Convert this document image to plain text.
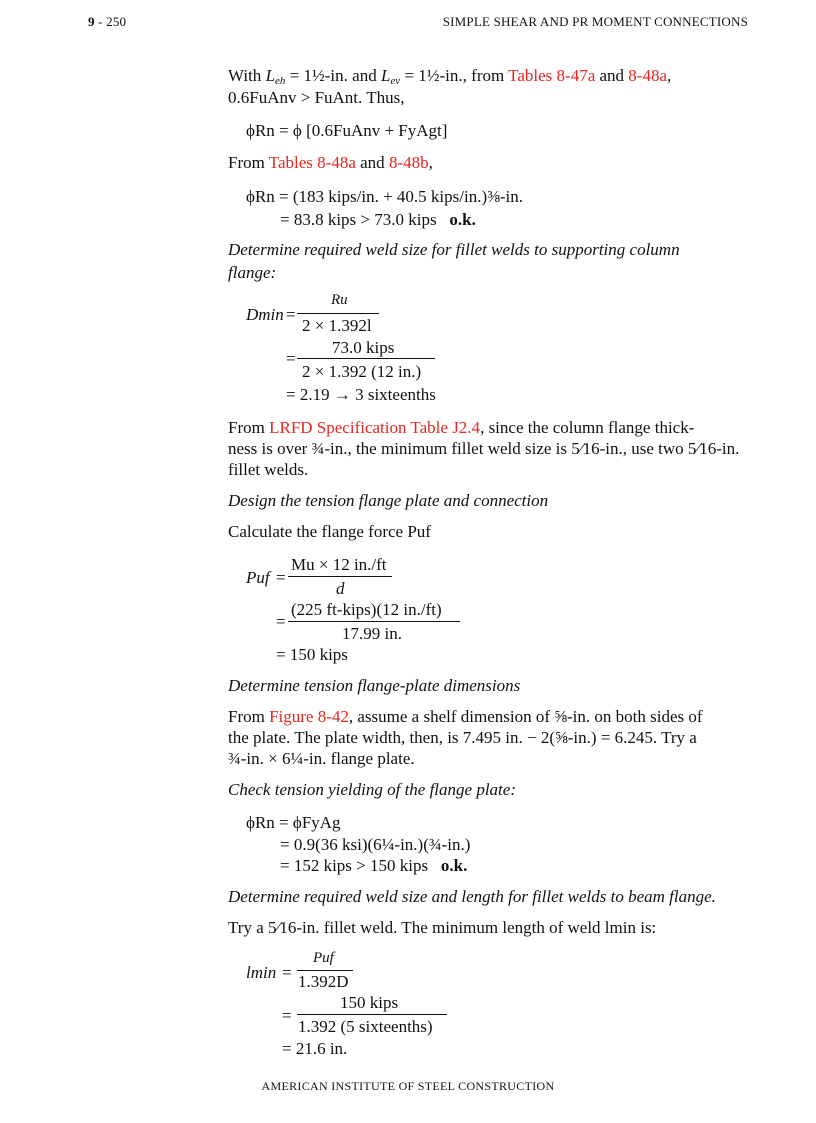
9 - 250	SIMPLE SHEAR AND PR MOMENT CONNECTIONS
With $L_{eh}$ = 1½-in. and $L_{ev}$ = 1½-in., from Tables 8-47a and 8-48a,
0.6FuAnv > FuAnt. Thus,
ϕRn = ϕ [0.6FuAnv + FyAgt]
From Tables 8-48a and 8-48b,
ϕRn = (183 kips/in. + 40.5 kips/in.)⅜-in.
= 83.8 kips > 73.0 kips o.k.
Determine required weld size for fillet welds to supporting column
flange:
Dmin =
Ru
2 × 1.392l
73.0 kips
=
2 × 1.392 (12 in.)
= 2.19 → 3 sixteenths
From LRFD Specification Table J2.4, since the column flange thick-
ness is over ¾-in., the minimum fillet weld size is 5⁄16-in., use two 5⁄16-in.
fillet welds.
Design the tension flange plate and connection
Calculate the flange force Puf
Puf =
Mu × 12 in./ft
d
(225 ft-kips)(12 in./ft)
=
17.99 in.
= 150 kips
Determine tension flange-plate dimensions
From Figure 8-42, assume a shelf dimension of ⅝-in. on both sides of
the plate. The plate width, then, is 7.495 in. − 2(⅝-in.) = 6.245. Try a
¾-in. × 6¼-in. flange plate.
Check tension yielding of the flange plate:
ϕRn = ϕFyAg
= 0.9(36 ksi)(6¼-in.)(¾-in.)
= 152 kips > 150 kips o.k.
Determine required weld size and length for fillet welds to beam flange.
Try a 5⁄16-in. fillet weld. The minimum length of weld lmin is:
lmin =
Puf
1.392D
150 kips
=
1.392 (5 sixteenths)
= 21.6 in.
AMERICAN INSTITUTE OF STEEL CONSTRUCTION
